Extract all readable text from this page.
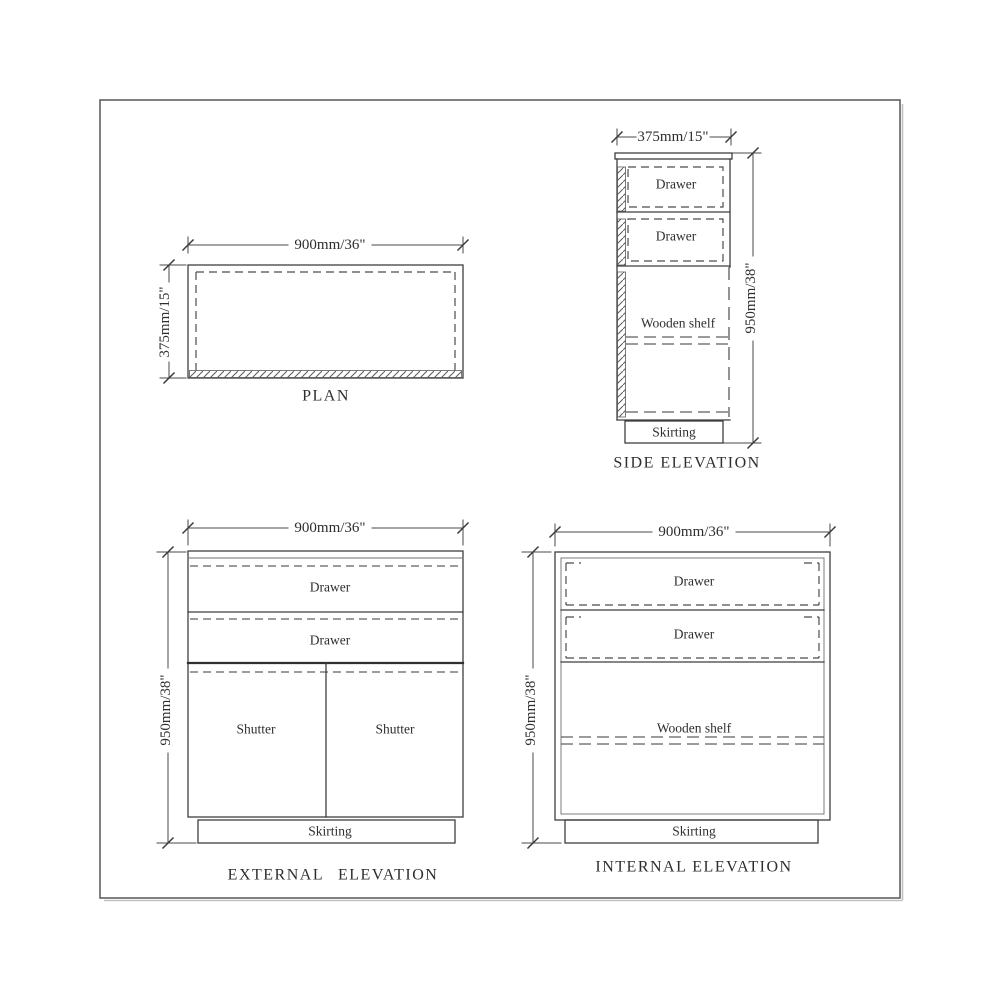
900mm/36"
375mm/15"
PLAN
375mm/15"
950mm/38"
Drawer
Drawer
Wooden shelf
Skirting
SIDE ELEVATION
900mm/36"
950mm/38"
Drawer
Drawer
Shutter	Shutter
Skirting
EXTERNAL ELEVATION
900mm/36"
950mm/38"
Drawer
Drawer
Wooden shelf
Skirting
INTERNAL ELEVATION
